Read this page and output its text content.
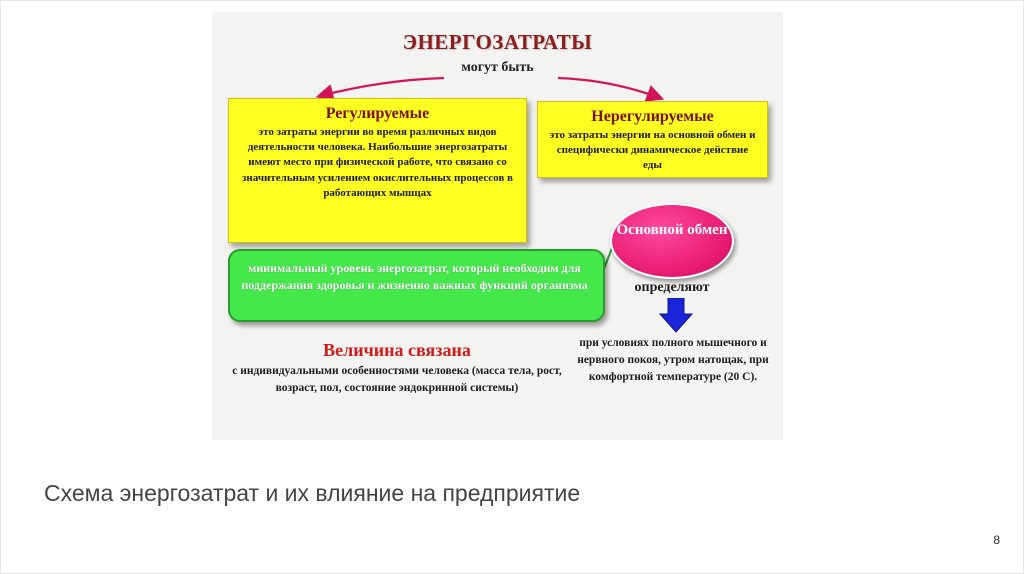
ЭНЕРГОЗАТРАТЫ
могут быть
Регулируемые
это затраты энергии во время различных видов деятельности человека. Наибольшие энергозатраты имеют место при физической работе, что связано со значительным усилением окислительных процессов в работающих мышцах
Нерегулируемые
это затраты энергии на основной обмен и специфически динамическое действие еды
минимальный уровень энергозатрат, который необходим для поддержания здоровья и жизненно важных функций организма
Основной обмен
определяют
при условиях полного мышечного и нервного покоя, утром натощак, при комфортной температуре (20 С).
Величина связана
с индивидуальными особенностями человека (масса тела, рост, возраст, пол, состояние эндокринной системы)
Схема энергозатрат и их влияние на предприятие
8
